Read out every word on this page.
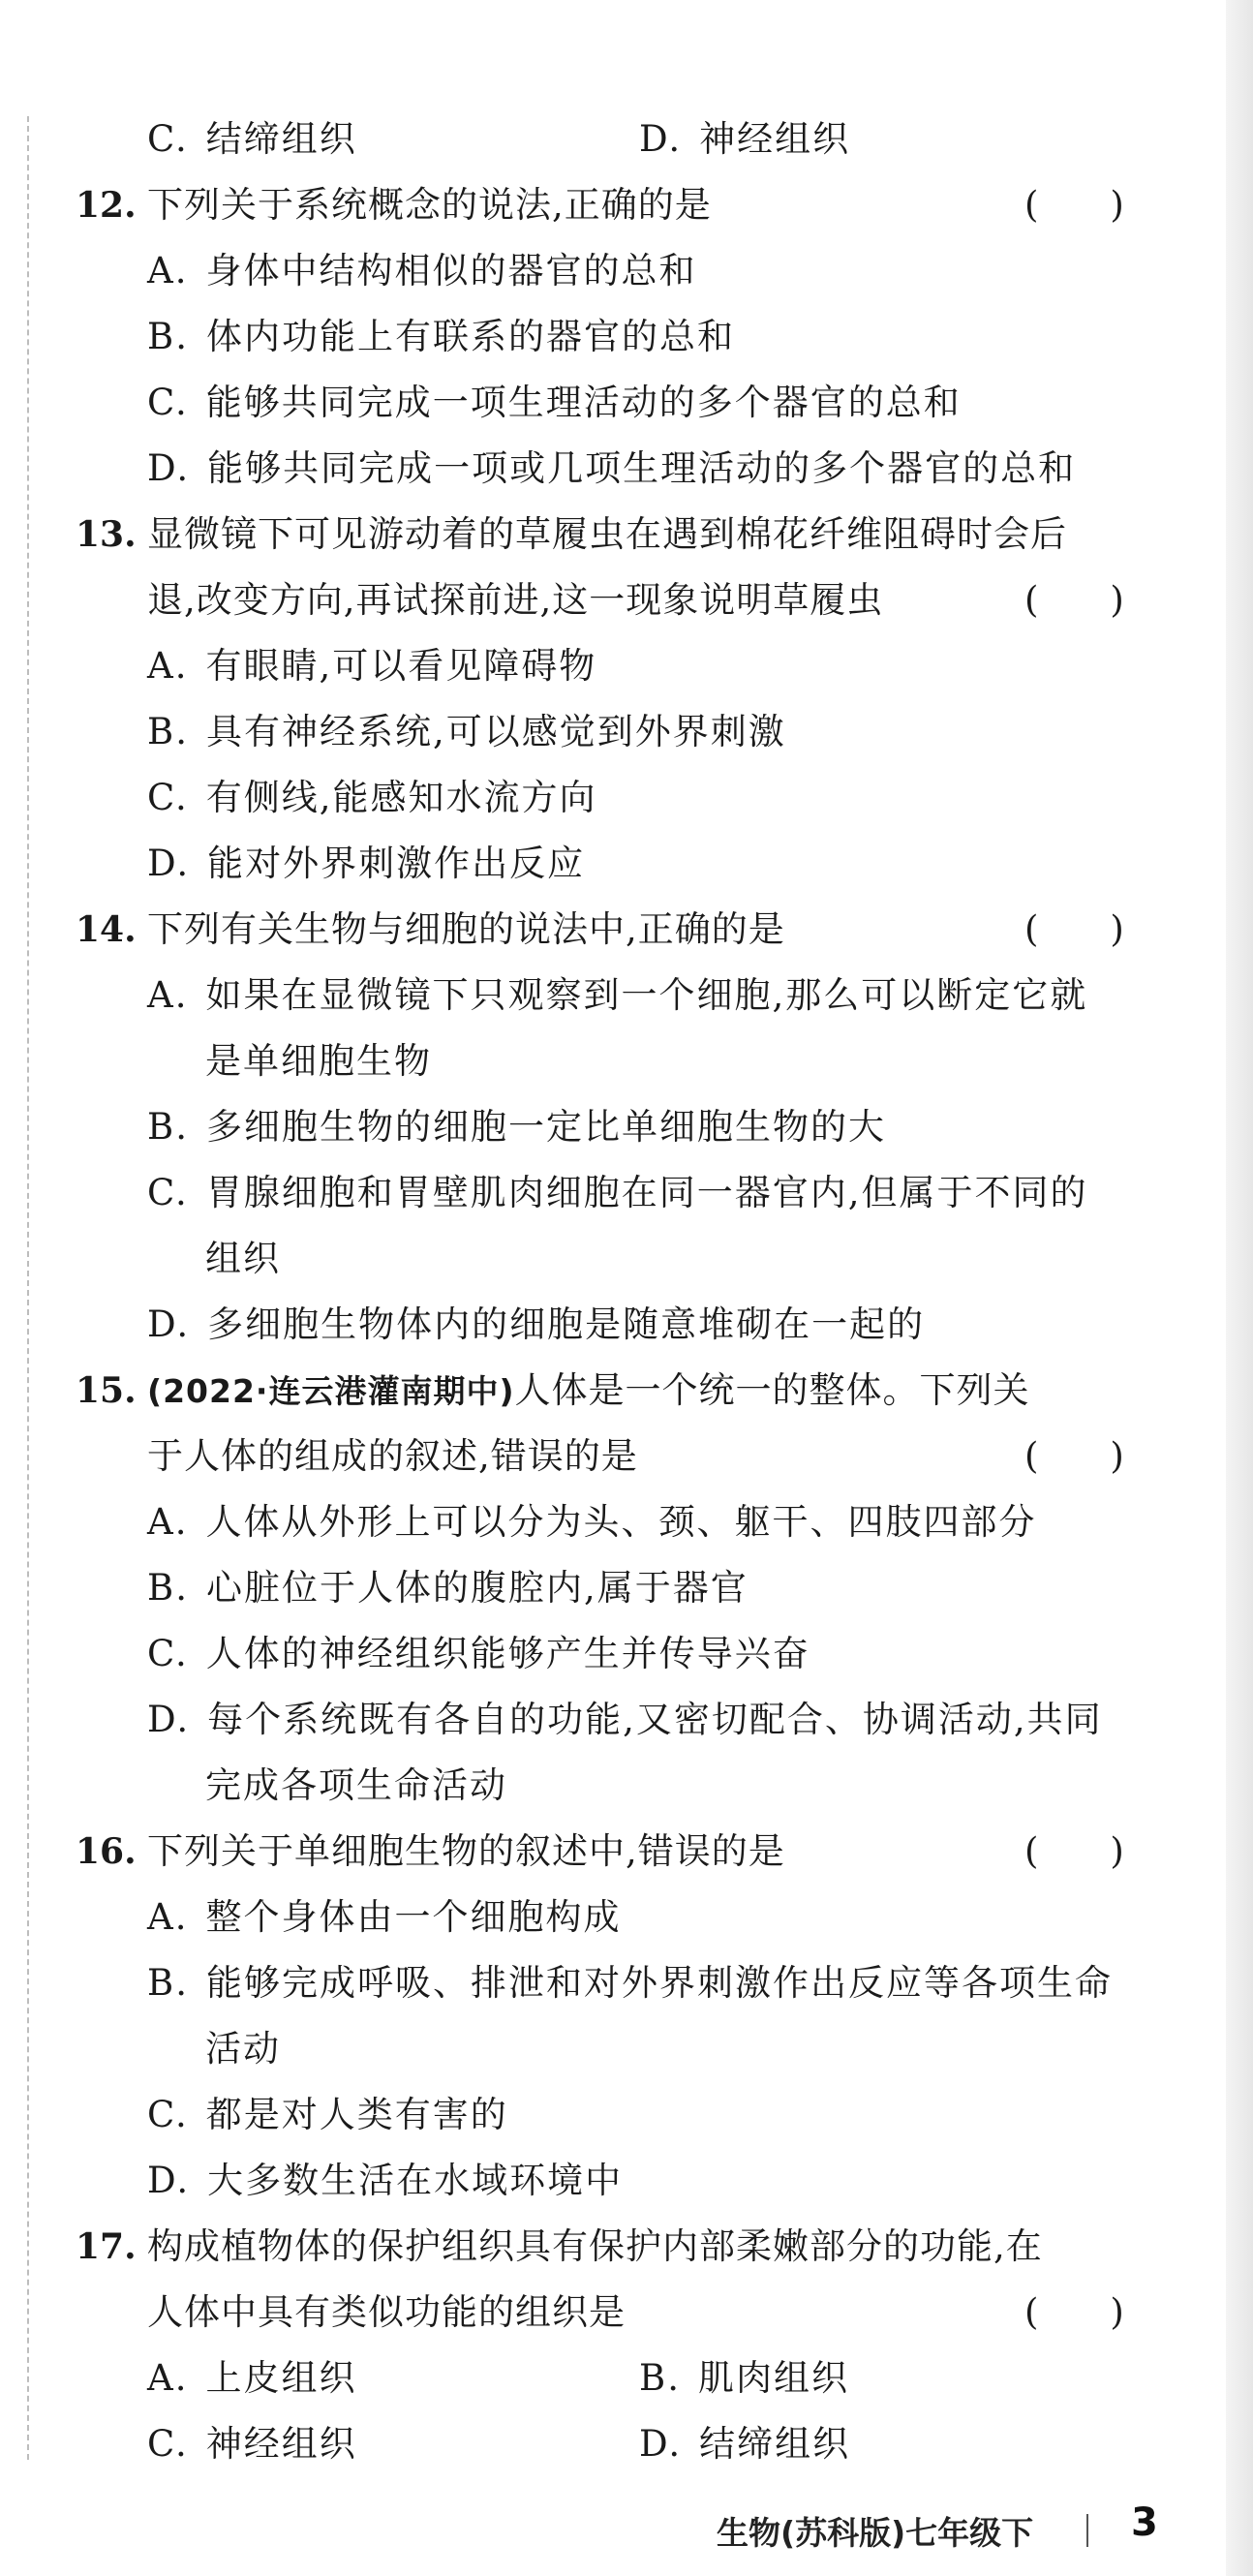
C. 结缔组织	D. 神经组织
12. 下列关于系统概念的说法,正确的是	(　　)
A. 身体中结构相似的器官的总和
B. 体内功能上有联系的器官的总和
C. 能够共同完成一项生理活动的多个器官的总和
D. 能够共同完成一项或几项生理活动的多个器官的总和
13. 显微镜下可见游动着的草履虫在遇到棉花纤维阻碍时会后
退,改变方向,再试探前进,这一现象说明草履虫	(　　)
A. 有眼睛,可以看见障碍物
B. 具有神经系统,可以感觉到外界刺激
C. 有侧线,能感知水流方向
D. 能对外界刺激作出反应
14. 下列有关生物与细胞的说法中,正确的是	(　　)
A. 如果在显微镜下只观察到一个细胞,那么可以断定它就
是单细胞生物
B. 多细胞生物的细胞一定比单细胞生物的大
C. 胃腺细胞和胃壁肌肉细胞在同一器官内,但属于不同的
组织
D. 多细胞生物体内的细胞是随意堆砌在一起的
15. (2022·连云港灌南期中)人体是一个统一的整体。下列关
于人体的组成的叙述,错误的是	(　　)
A. 人体从外形上可以分为头、颈、躯干、四肢四部分
B. 心脏位于人体的腹腔内,属于器官
C. 人体的神经组织能够产生并传导兴奋
D. 每个系统既有各自的功能,又密切配合、协调活动,共同
完成各项生命活动
16. 下列关于单细胞生物的叙述中,错误的是	(　　)
A. 整个身体由一个细胞构成
B. 能够完成呼吸、排泄和对外界刺激作出反应等各项生命
活动
C. 都是对人类有害的
D. 大多数生活在水域环境中
17. 构成植物体的保护组织具有保护内部柔嫩部分的功能,在
人体中具有类似功能的组织是	(　　)
A. 上皮组织	B. 肌肉组织
C. 神经组织	D. 结缔组织
生物(苏科版)七年级下	3
